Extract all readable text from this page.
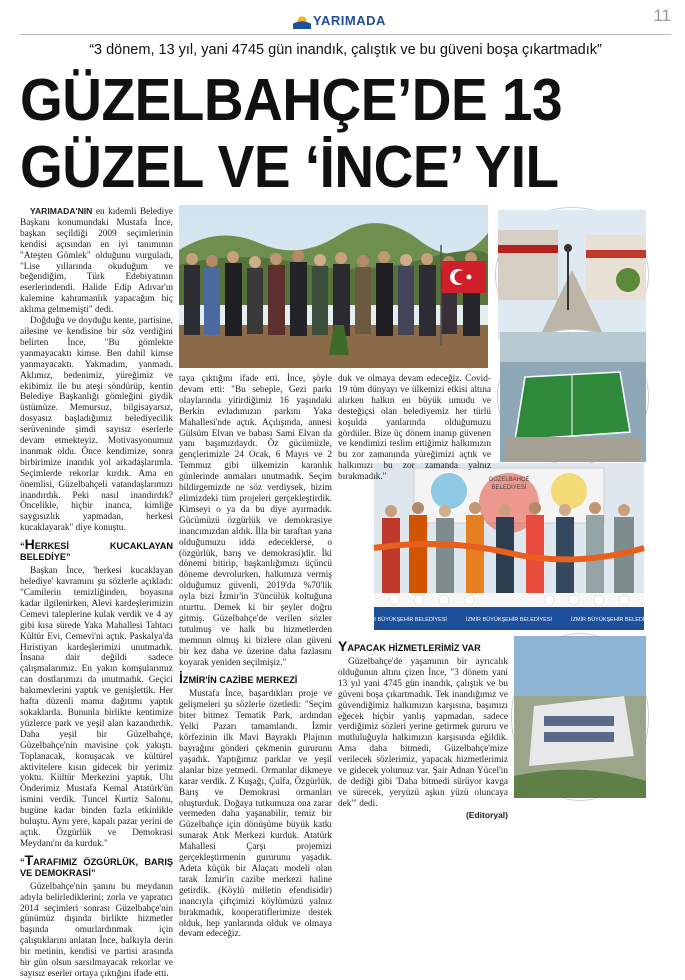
YARIMADA	11
“3 dönem, 13 yıl, yani 4745 gün inandık, çalıştık ve bu güveni boşa çıkartmadık”
GÜZELBAHÇE’DE 13
GÜZEL VE ‘İNCE’ YIL
GÜZELBAHÇE
BELEDİYESİ
İZMİR BÜYÜKŞEHİR BELEDİYESİ	İZMİR BÜYÜKŞEHİR BELEDİYESİ	İZMİR BÜYÜKŞEHİR BELEDİYESİ

YARIMADA'NIN en kıdemli Belediye Başkanı konumundaki Mustafa İnce, başkan seçildiği 2009 seçimlerinin kendisi açısından en iyi tanımının "Ateşten Gömlek" olduğunu vurguladı, "Lise yıllarında okuduğum ve beğendiğim, Türk Edebiyatının eserlerindendi. Halide Edip Adıvar'ın kalemine kahramanlık yapacağım hiç aklıma gelmemişti" dedi.

Doğduğu ve doyduğu kente, partisine, ailesine ve kendisine bir söz verdiğini belirten İnce, "Bu gömlekte yanmayacaktı kimse. Ben dahil kimse yanmayacaktı. Yakmadım, yanmadı. Aklımız, bedenimiz, yüreğimiz ve ekibimiz ile bu ateşi söndürüp, kentin Belediye Başkanlığı gömleğini giydik üstümüze. Memursuz, bilgisayarsız, dosyasız başladığımız belediyecilik serüveninde şimdi sayısız eserlerle devam etmekteyiz. Motivasyonumuz inanmak oldu. Önce kendimize, sonra birbirimize inandık yol arkadaşlarımla. Seçimlerde rekorlar kırdık. Ama en önemlisi, Güzelbahçeli vatandaşlarımızı inandırdık. Peki nasıl inandırdık? Öncelikle, hiçbir inanca, kimliğe saygısızlık yapmadan, herkesi kucaklayarak" diye konuştu.

“HERKESİ KUCAKLAYAN BELEDİYE”

Başkan İnce, 'herkesi kucaklayan belediye' kavramını şu sözlerle açıkladı: "Camilerin temizliğinden, boyasına kadar ilgilenirken, Alevi kardeşlerimizin Cemevi taleplerine kulak verdik ve 4 ay gibi kısa sürede Yaka Mahallesi Tahtacı Kültür Evi, Cemevi'ni açtık. Paskalya'da Hıristiyan kardeşlerimizi unutmadık. İnsana dair değildi sadece çalışmalarımız. En yakın komşularımız can dostlarımızı da unutmadık. Geçici bakımevlerini yaptık ve genişlettik. Her hafta düzenli mama dağıtımı yaptık sokaklarda. Bununla birlikte kentimize yüzlerce park ve yeşil alan kazandırdık. Daha yeşil bir Güzelbahçe, Güzelbahçe'nin mavisine çok yakıştı. Toplanacak, konuşacak ve kültürel aktivitelere kısın gidecek bir yerimiz yoktu. Kültür Merkezini yaptık, Ulu Önderimiz Mustafa Kemal Atatürk'ün ismini verdik. Tuncel Kurtiz Salonu, bugüne kadar binden fazla etkinlikle buluştu. Aynı yere, kapalı pazar yerini de açtık. Özgürlük ve Demokrasi Meydanı'nı da kurduk."

“TARAFIMIZ ÖZGÜRLÜK, BARIŞ VE DEMOKRASİ”

Güzelbahçe'nin şanını bu meydanın adıyla belirlediklerini; zorla ve yapratıcı 2014 seçimleri sonrası Güzelbahçe'nin günümüz dışında birlikte hizmetler başında omurlardınmak için çalıştıklarını anlatan İnce, halkıyla derin bir metinin, kendisi ve partisi arasında bir gün olsun sarsılmayacak rekorlar ve sayısız eserler ortaya çıktığını ifade etti.

taya çıktığını ifade etti. İnce, şöyle devam etti: "Bu sebeple, Gezi parkı olaylarında yitirdiğimiz 16 yaşındaki Berkin evladımızın parkını Yaka Mahallesi'nde açtık. Açılışında, annesi Gülsüm Elvan ve babası Sami Elvan da yanı başımızdaydı. Öz gücümüzle, gençlerimizle 24 Ocak, 6 Mayıs ve 2 Temmuz gibi ülkemizin karanlık günlerinde anmaları unutmadık. Seçim bildirgemizde ne söz verdiysek, bizim elimizdeki tüm projeleri gerçekleştirdik. Kimseyi o ya da bu diye ayırmadık. Gücümüzü özgürlük ve demokrasiye inancımızdan aldık. İlla bir taraftan yana olduğumuzu idda edeceklerse, o (özgürlük, barış ve demokrasi)dir. İki dönemi bitirip, başkanlığımızı üçüncü döneme devrolurken, halkımıza vermiş olduğumuz güvenli, 2019'da %70'lik oyla bizi İzmir'in 3'üncülük koltuğuna oturttu. Demek ki bir şeyler doğru gitmiş. Güzelbahçe'de verilen sözler tutulmuş ve halk bu hizmetlerden memnun olmuş ki bizlere olan güveni bir kez daha ve üzerine daha fazlasını koyarak yeniden seçilmişiz."

İZMİR'İN CAZİBE MERKEZİ

Mustafa İnce, başardıkları proje ve gelişmeleri şu sözlerle özetledi: "Seçim biter bitmez Tematik Park, ardından Yelki Pazarı tamamlandı. İzmir körfezinin ilk Mavi Bayraklı Plajının bayrağını gönderi çekmenin gururunu yaşadık. Yaptığımız parklar ve yeşil alanlar bize yetmedi. Ormanlar dikmeye karar verdik. Z Kuşağı, Çulfa, Özgürlük, Barış ve Demokrasi ormanları oluşturduk. Doğaya tutkumuza ona zarar vermeden daha yaşanabilir, temiz bir Güzelbahçe için dönüşüme büyük katkı sunarak Atık Merkezi kurduk. Atatürk Mahallesi Çarşı projemizi gerçekleştirmenin gururunu yaşadık. Adeta küçük bir Alaçatı modeli olan tarak İzmir'in cazibe merkezi haline getirdik. (Köylü milletin efendisidir) inancıyla çiftçimizi köylümüzü yalnız bırakmadık, kooperatiflerimize destek olduk, hep yanlarında olduk ve olmaya devam edeceğiz.

duk ve olmaya devam edeceğiz. Covid-19 tüm dünyayı ve ülkemizi etkisi altına alırken halkın en büyük umudu ve desteğiçsi olan belediyemiz her türlü koşulda yanlarında olduğumuzu gördüler. Bize üç dönem inanıp güvenen ve kendimizi teslim ettiğimiz halkımızın bu zor zamanında yüreğimizi açtık ve halkımızı bu zor zamanda yalnız bırakmadık."

YAPACAK HİZMETLERİMİZ VAR

Güzelbahçe'de yaşamının bir ayrıcalık olduğunun altını çizen İnce, "3 dönem yani 13 yıl yani 4745 gün inandık, çalıştık ve bu güveni boşa çıkartmadık. Tek inandığımız ve güvendiğimiz halkımızın karşısına, başımızı eğecek hiçbir yanlış yapmadan, sadece verdiğimiz sözleri yerine getirmek gururu ve mutluluğuyla halkımızın karşısında eğildik. Ama daha bitmedi, Güzelbahçe'mize verilecek sözlerimiz, yapacak hizmetlerimiz ve gidecek yolumuz var. Şair Adnan Yücel'in de dediği gibi 'Daha bitmedi sürüyor kavga ve sürecek, yeryüzü aşkın yüzü oluncaya dek'" dedi.

(Editoryal)
